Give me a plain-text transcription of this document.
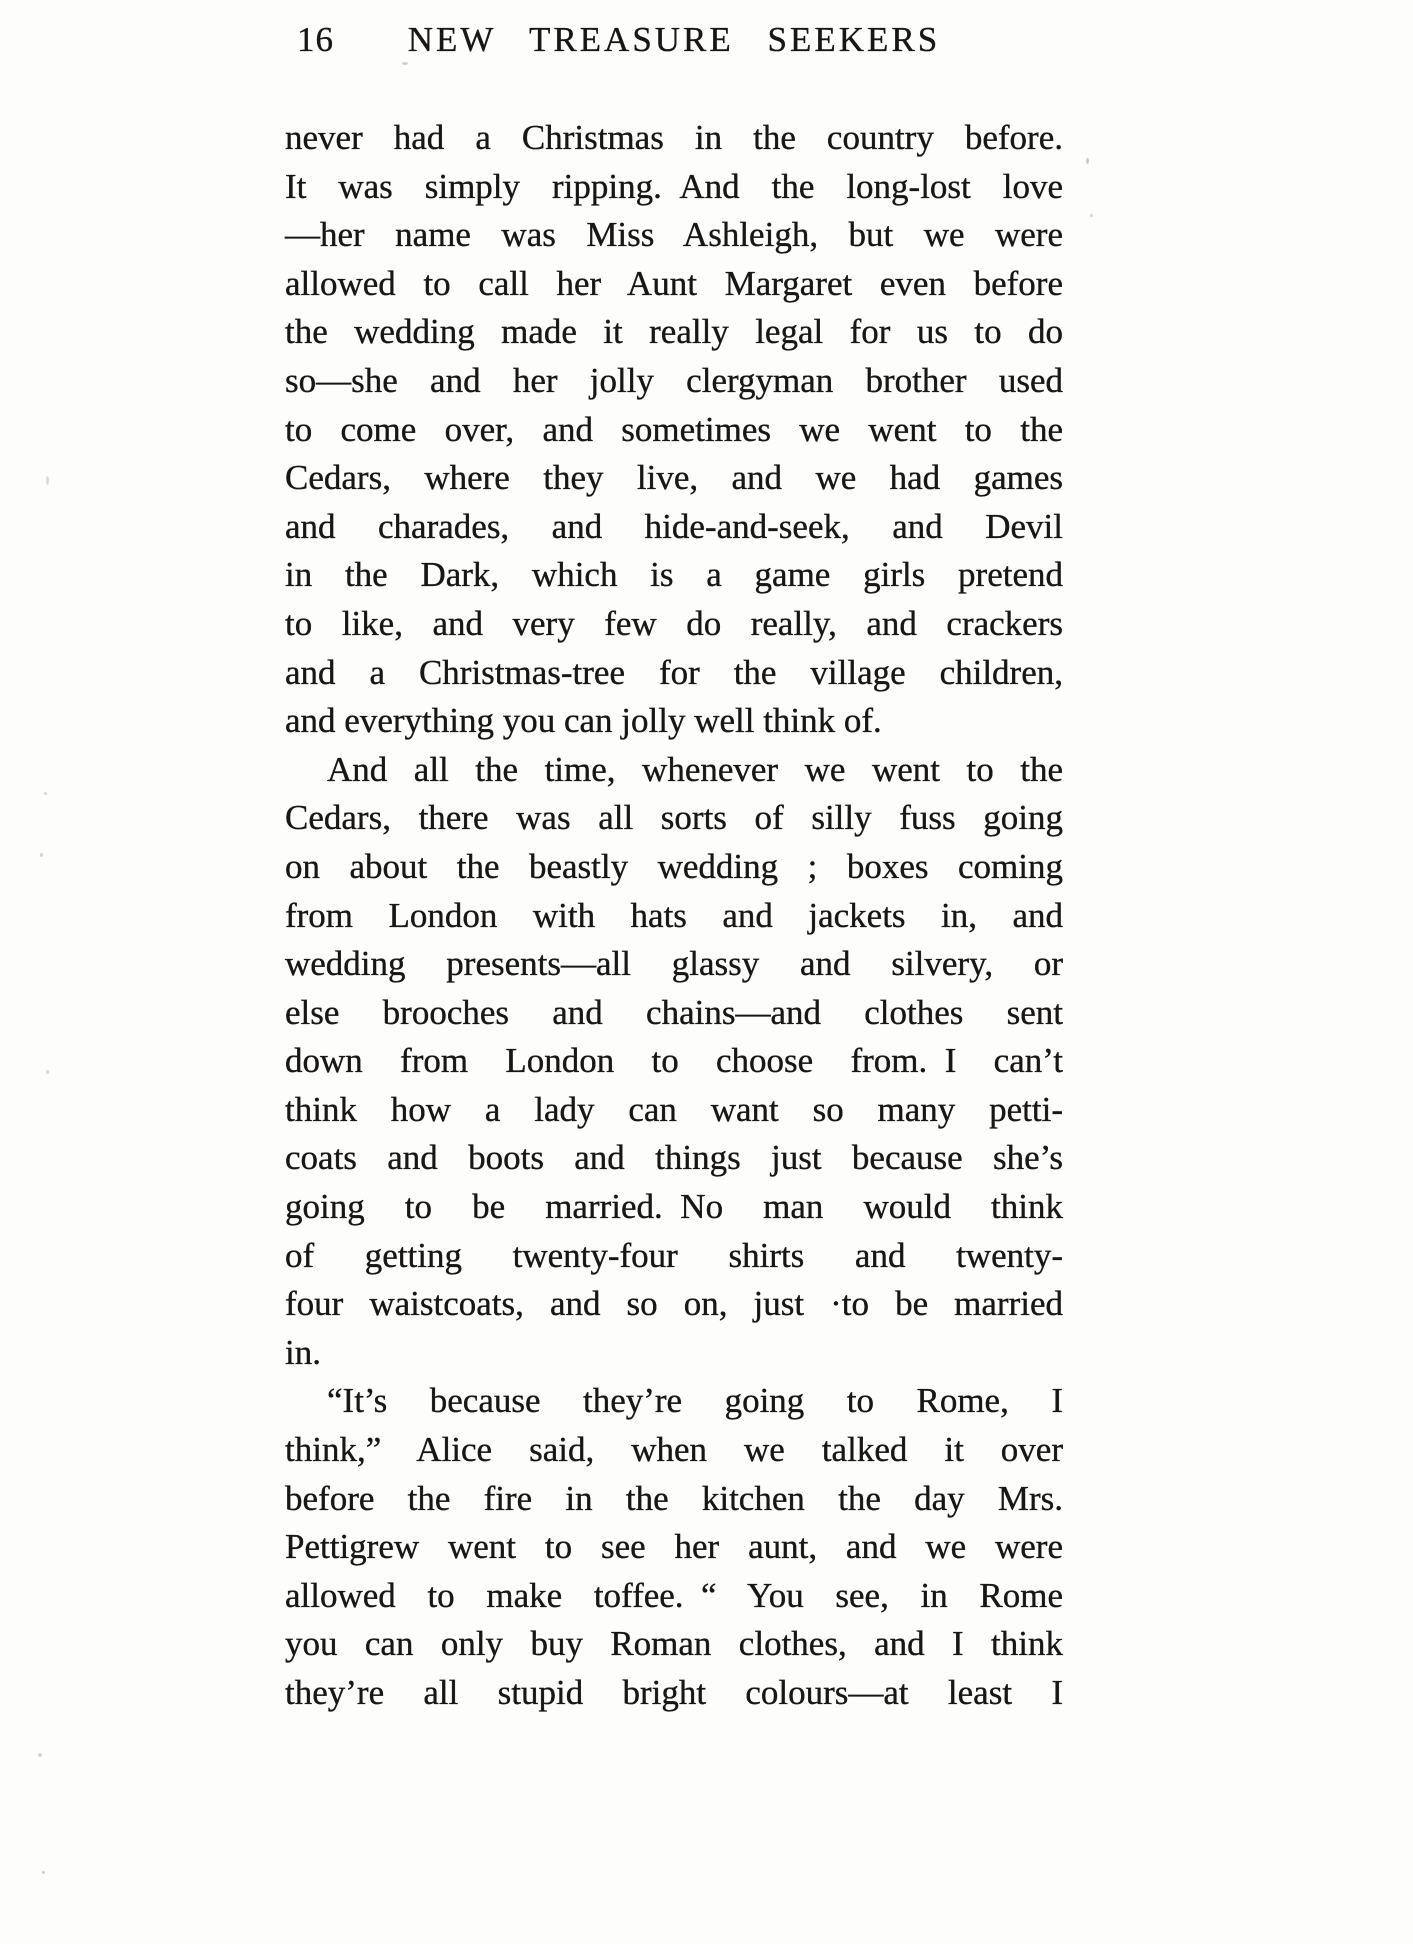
16	NEW TREASURE SEEKERS
never had a Christmas in the country before.
It was simply ripping. And the long-lost love
—her name was Miss Ashleigh, but we were
allowed to call her Aunt Margaret even before
the wedding made it really legal for us to do
so—she and her jolly clergyman brother used
to come over, and sometimes we went to the
Cedars, where they live, and we had games
and charades, and hide-and-seek, and Devil
in the Dark, which is a game girls pretend
to like, and very few do really, and crackers
and a Christmas-tree for the village children,
and everything you can jolly well think of.
And all the time, whenever we went to the
Cedars, there was all sorts of silly fuss going
on about the beastly wedding ; boxes coming
from London with hats and jackets in, and
wedding presents—all glassy and silvery, or
else brooches and chains—and clothes sent
down from London to choose from. I can’t
think how a lady can want so many petti-
coats and boots and things just because she’s
going to be married. No man would think
of getting twenty-four shirts and twenty-
four waistcoats, and so on, just ·to be married
in.
“It’s because they’re going to Rome, I
think,” Alice said, when we talked it over
before the fire in the kitchen the day Mrs.
Pettigrew went to see her aunt, and we were
allowed to make toffee. “ You see, in Rome
you can only buy Roman clothes, and I think
they’re all stupid bright colours—at least I
